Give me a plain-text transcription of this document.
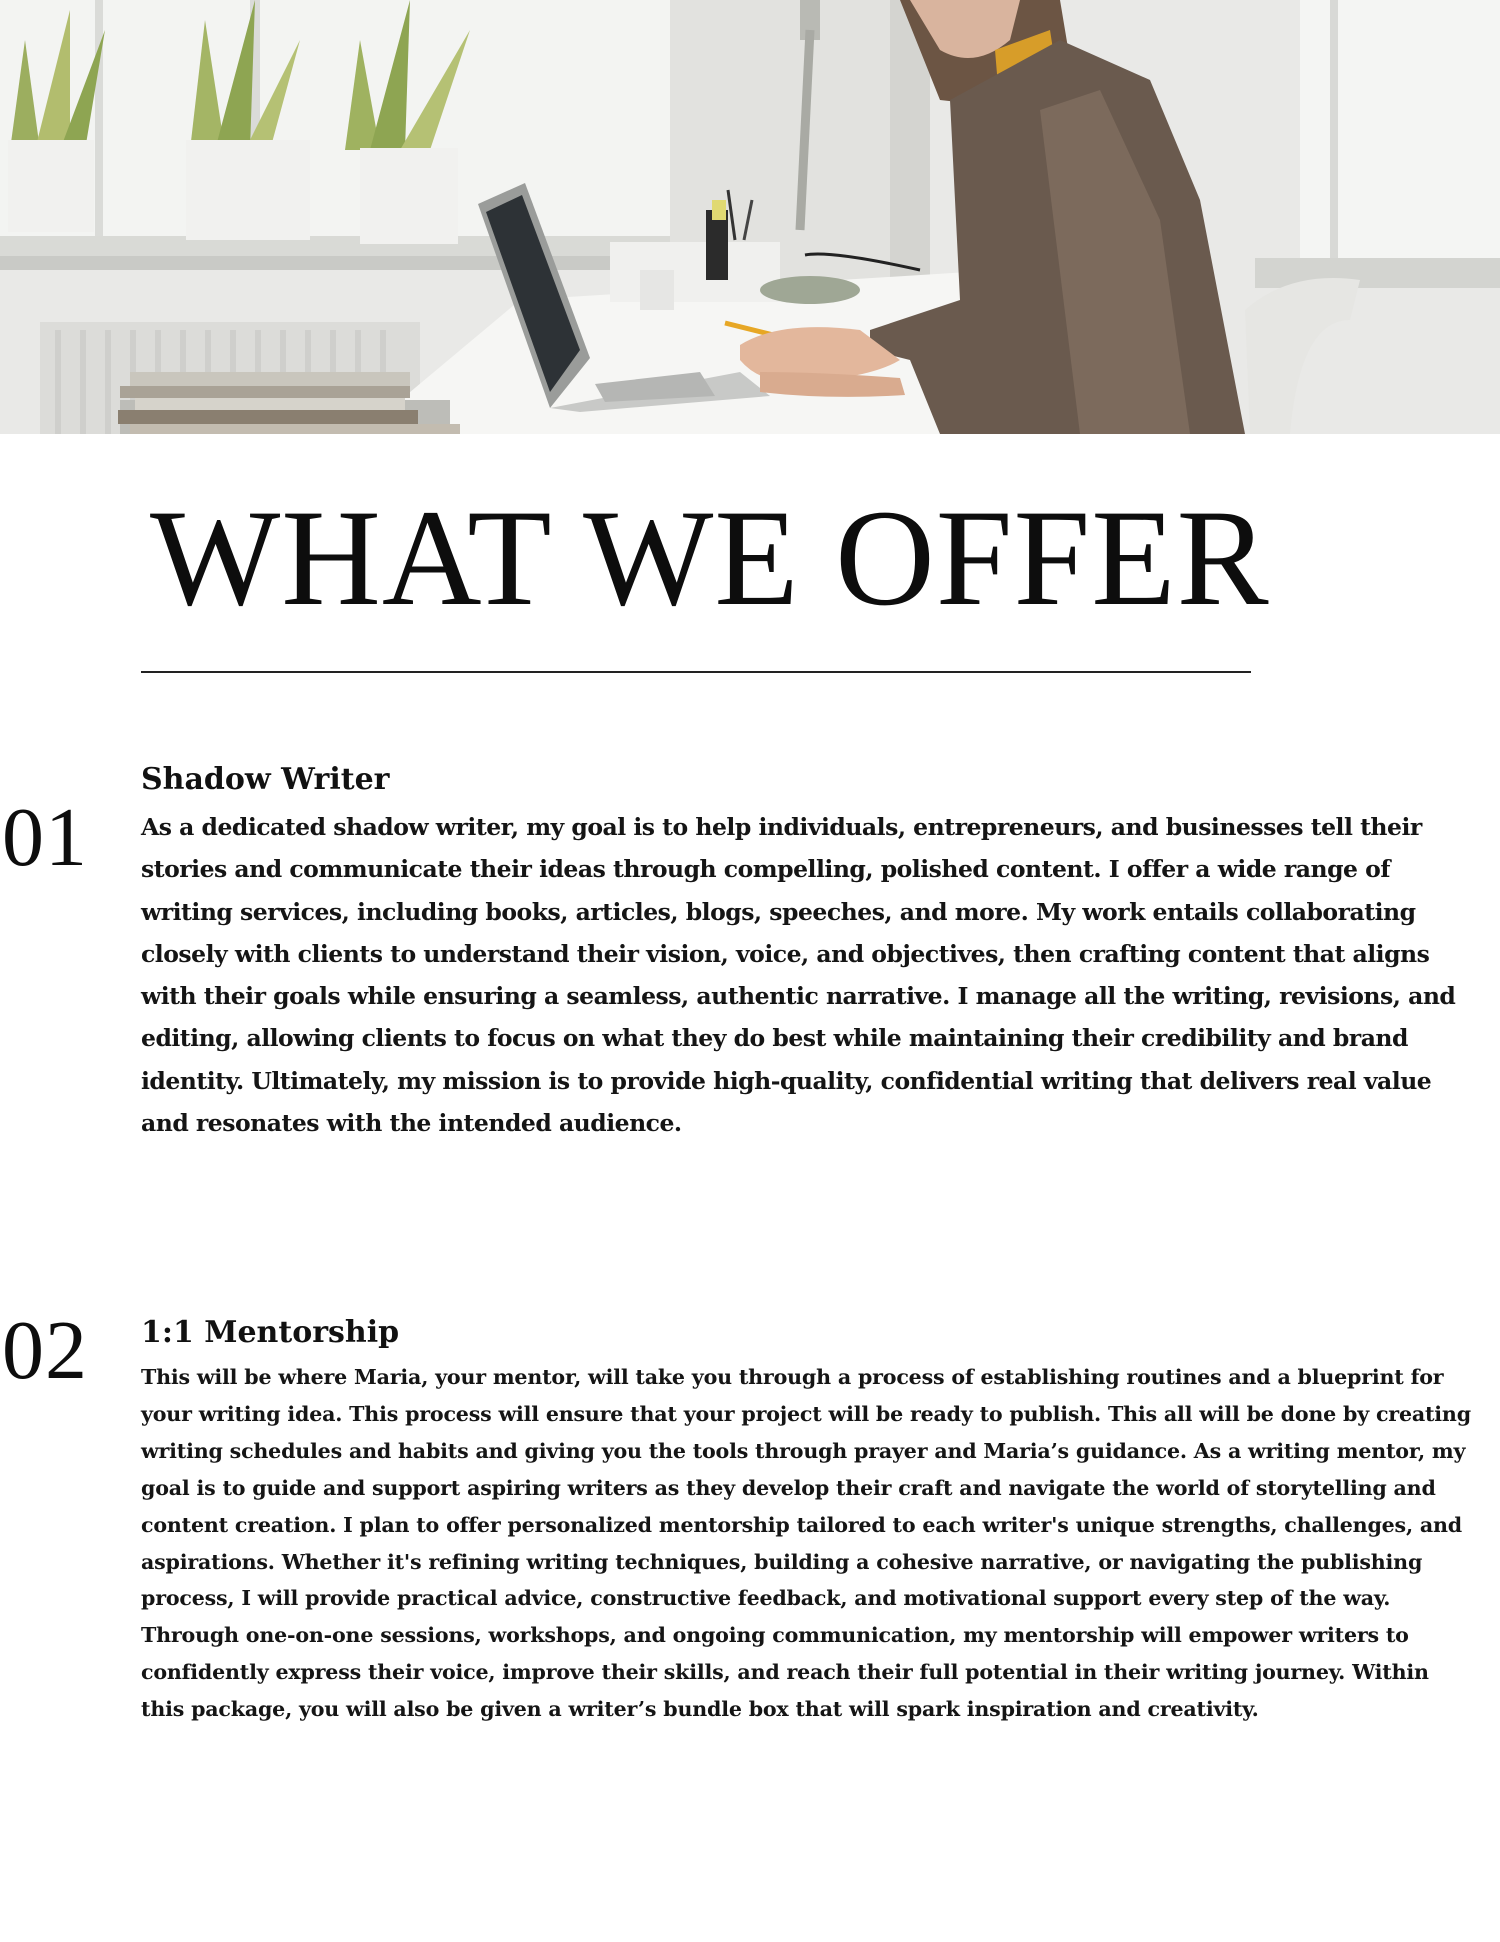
WHAT WE OFFER
01
Shadow Writer

As a dedicated shadow writer, my goal is to help individuals, entrepreneurs, and businesses tell their stories and communicate their ideas through compelling, polished content. I offer a wide range of writing services, including books, articles, blogs, speeches, and more. My work entails collaborating closely with clients to understand their vision, voice, and objectives, then crafting content that aligns with their goals while ensuring a seamless, authentic narrative. I manage all the writing, revisions, and editing, allowing clients to focus on what they do best while maintaining their credibility and brand identity. Ultimately, my mission is to provide high-quality, confidential writing that delivers real value and resonates with the intended audience.

02 1:1 Mentorship

This will be where Maria, your mentor, will take you through a process of establishing routines and a blueprint for your writing idea. This process will ensure that your project will be ready to publish. This all will be done by creating writing schedules and habits and giving you the tools through prayer and Maria’s guidance. As a writing mentor, my goal is to guide and support aspiring writers as they develop their craft and navigate the world of storytelling and content creation. I plan to offer personalized mentorship tailored to each writer's unique strengths, challenges, and aspirations. Whether it's refining writing techniques, building a cohesive narrative, or navigating the publishing process, I will provide practical advice, constructive feedback, and motivational support every step of the way. Through one-on-one sessions, workshops, and ongoing communication, my mentorship will empower writers to confidently express their voice, improve their skills, and reach their full potential in their writing journey. Within this package, you will also be given a writer’s bundle box that will spark inspiration and creativity.
